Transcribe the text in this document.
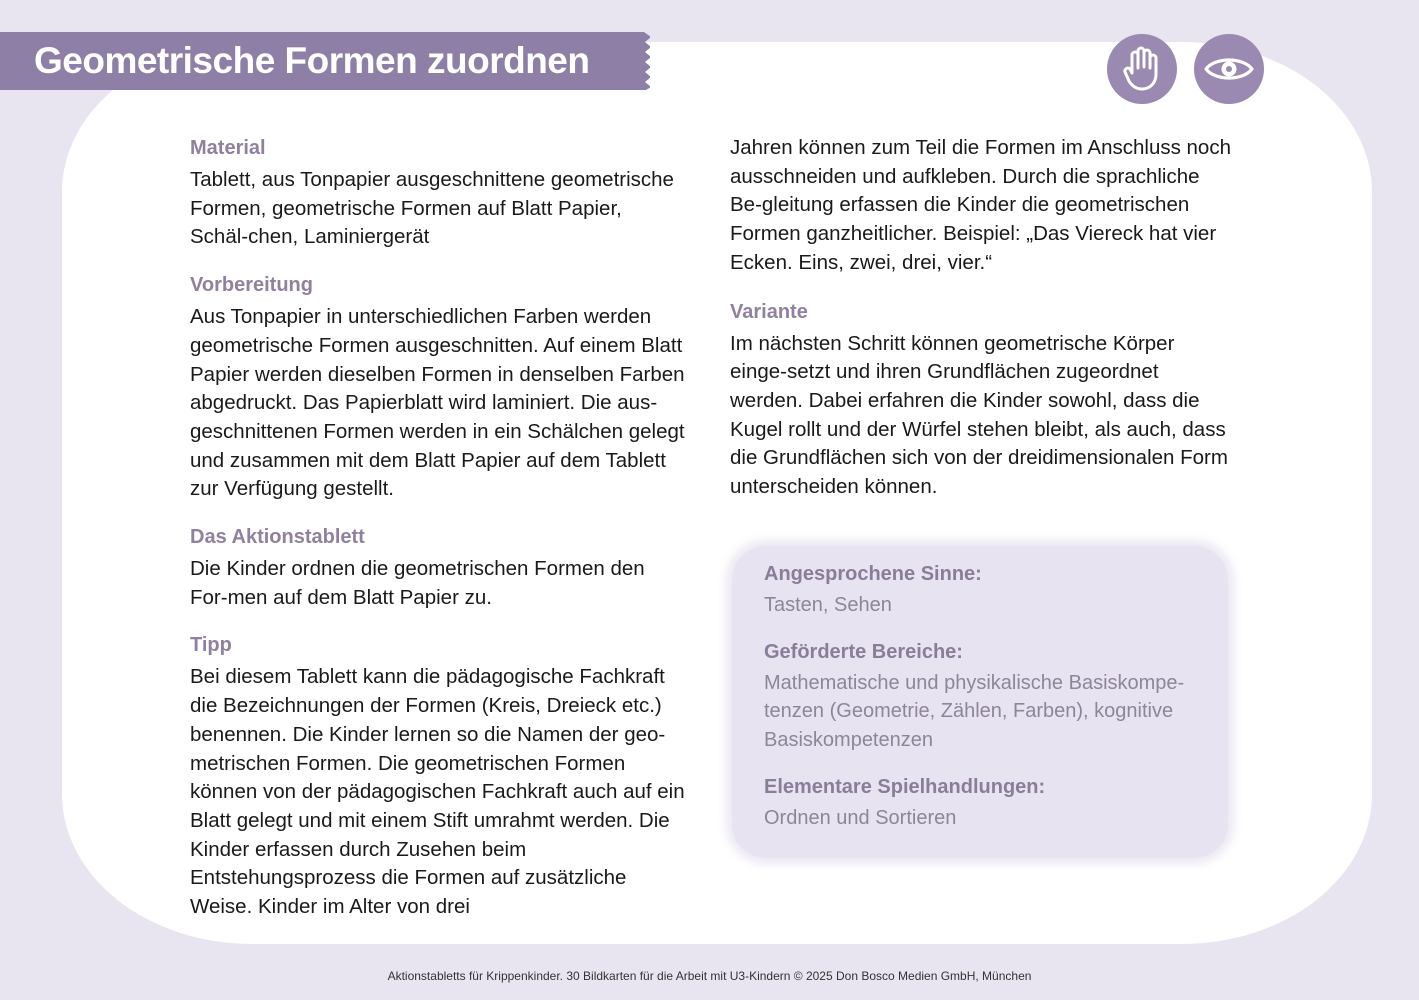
Geometrische Formen zuordnen

Material

Tablett, aus Tonpapier ausgeschnittene geometrische Formen, geometrische Formen auf Blatt Papier, Schäl-chen, Laminiergerät

Vorbereitung

Aus Tonpapier in unterschiedlichen Farben werden geometrische Formen ausgeschnitten. Auf einem Blatt Papier werden dieselben Formen in denselben Farben abgedruckt. Das Papierblatt wird laminiert. Die aus-geschnittenen Formen werden in ein Schälchen gelegt und zusammen mit dem Blatt Papier auf dem Tablett zur Verfügung gestellt.

Das Aktionstablett

Die Kinder ordnen die geometrischen Formen den For-men auf dem Blatt Papier zu.

Tipp

Bei diesem Tablett kann die pädagogische Fachkraft die Bezeichnungen der Formen (Kreis, Dreieck etc.) benennen. Die Kinder lernen so die Namen der geo-metrischen Formen. Die geometrischen Formen können von der pädagogischen Fachkraft auch auf ein Blatt gelegt und mit einem Stift umrahmt werden. Die Kinder erfassen durch Zusehen beim Entstehungsprozess die Formen auf zusätzliche Weise. Kinder im Alter von drei

Jahren können zum Teil die Formen im Anschluss noch ausschneiden und aufkleben. Durch die sprachliche Be-gleitung erfassen die Kinder die geometrischen Formen ganzheitlicher. Beispiel: „Das Viereck hat vier Ecken. Eins, zwei, drei, vier.“

Variante

Im nächsten Schritt können geometrische Körper einge-setzt und ihren Grundflächen zugeordnet werden. Dabei erfahren die Kinder sowohl, dass die Kugel rollt und der Würfel stehen bleibt, als auch, dass die Grundflächen sich von der dreidimensionalen Form unterscheiden können.

Angesprochene Sinne:

Tasten, Sehen

Geförderte Bereiche:

Mathematische und physikalische Basiskompe-tenzen (Geometrie, Zählen, Farben), kognitive Basiskompetenzen

Elementare Spielhandlungen:

Ordnen und Sortieren

Aktionstabletts für Krippenkinder. 30 Bildkarten für die Arbeit mit U3-Kindern © 2025 Don Bosco Medien GmbH, München
